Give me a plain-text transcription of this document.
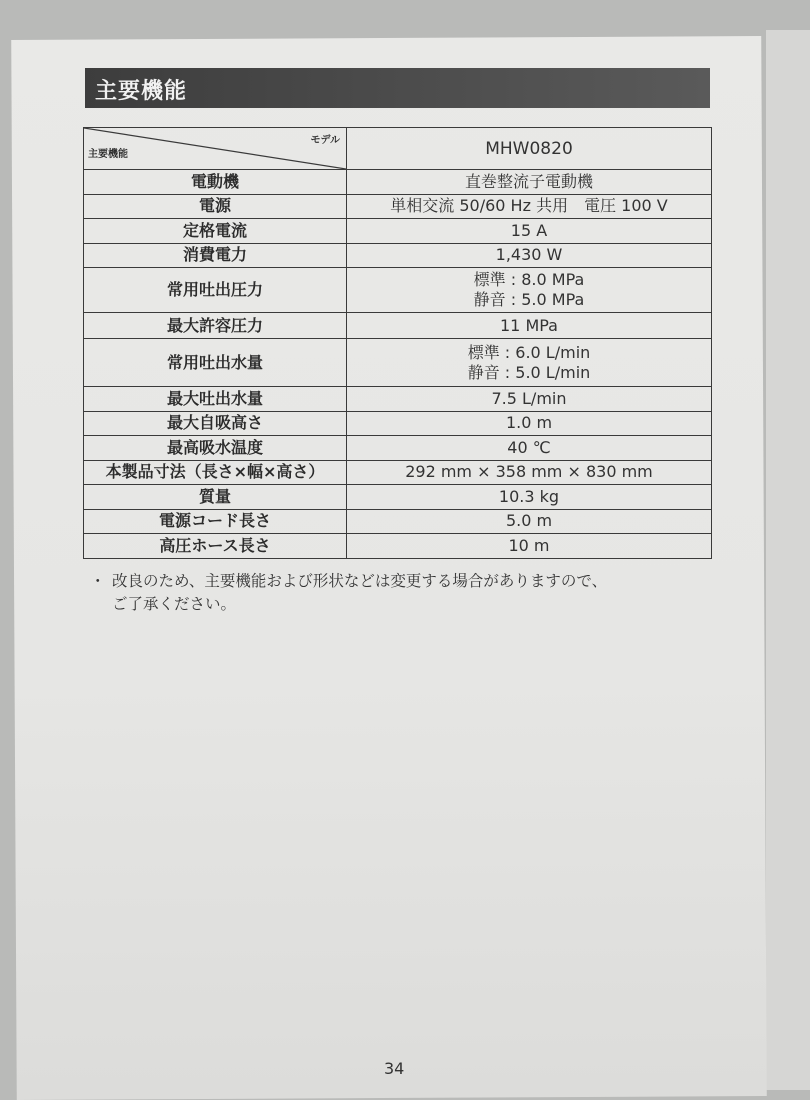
主要機能
モデル
主要機能	MHW0820
電動機	直巻整流子電動機

電源	単相交流 50/60 Hz 共用　電圧 100 V

定格電流	15 A

消費電力	1,430 W

常用吐出圧力	標準 : 8.0 MPa
静音 : 5.0 MPa

最大許容圧力	11 MPa

常用吐出水量	標準 : 6.0 L/min
静音 : 5.0 L/min

最大吐出水量	7.5 L/min

最大自吸高さ	1.0 m

最高吸水温度	40 ℃

本製品寸法（長さ×幅×高さ）	292 mm × 358 mm × 830 mm

質量	10.3 kg

電源コード長さ	5.0 m

高圧ホース長さ	10 m
・ 改良のため、主要機能および形状などは変更する場合がありますので、
ご了承ください。
34
